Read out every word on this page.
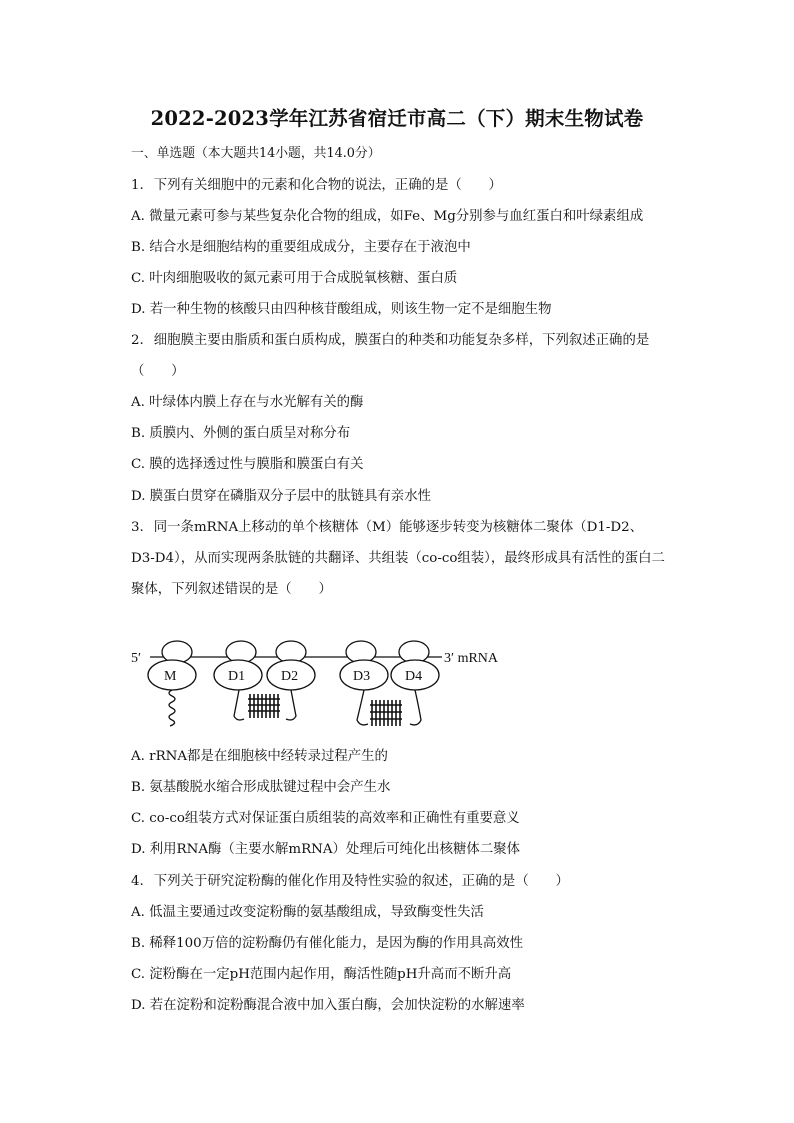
2022-2023学年江苏省宿迁市高二（下）期末生物试卷
一、单选题（本大题共14小题，共14.0分）
1. 下列有关细胞中的元素和化合物的说法，正确的是（　　）
A. 微量元素可参与某些复杂化合物的组成，如Fe、Mg分别参与血红蛋白和叶绿素组成
B. 结合水是细胞结构的重要组成成分，主要存在于液泡中
C. 叶肉细胞吸收的氮元素可用于合成脱氧核糖、蛋白质
D. 若一种生物的核酸只由四种核苷酸组成，则该生物一定不是细胞生物
2. 细胞膜主要由脂质和蛋白质构成，膜蛋白的种类和功能复杂多样，下列叙述正确的是
（　　）
A. 叶绿体内膜上存在与水光解有关的酶
B. 质膜内、外侧的蛋白质呈对称分布
C. 膜的选择透过性与膜脂和膜蛋白有关
D. 膜蛋白贯穿在磷脂双分子层中的肽链具有亲水性
3. 同一条mRNA上移动的单个核糖体（M）能够逐步转变为核糖体二聚体（D1-D2、
D3-D4），从而实现两条肽链的共翻译、共组装（co-co组装），最终形成具有活性的蛋白二
聚体，下列叙述错误的是（　　）
5′	3′ mRNA
M	D1	D2	D3 D4
A. rRNA都是在细胞核中经转录过程产生的
B. 氨基酸脱水缩合形成肽键过程中会产生水
C. co-co组装方式对保证蛋白质组装的高效率和正确性有重要意义
D. 利用RNA酶（主要水解mRNA）处理后可纯化出核糖体二聚体
4. 下列关于研究淀粉酶的催化作用及特性实验的叙述，正确的是（　　）
A. 低温主要通过改变淀粉酶的氨基酸组成，导致酶变性失活
B. 稀释100万倍的淀粉酶仍有催化能力，是因为酶的作用具高效性
C. 淀粉酶在一定pH范围内起作用，酶活性随pH升高而不断升高
D. 若在淀粉和淀粉酶混合液中加入蛋白酶，会加快淀粉的水解速率
